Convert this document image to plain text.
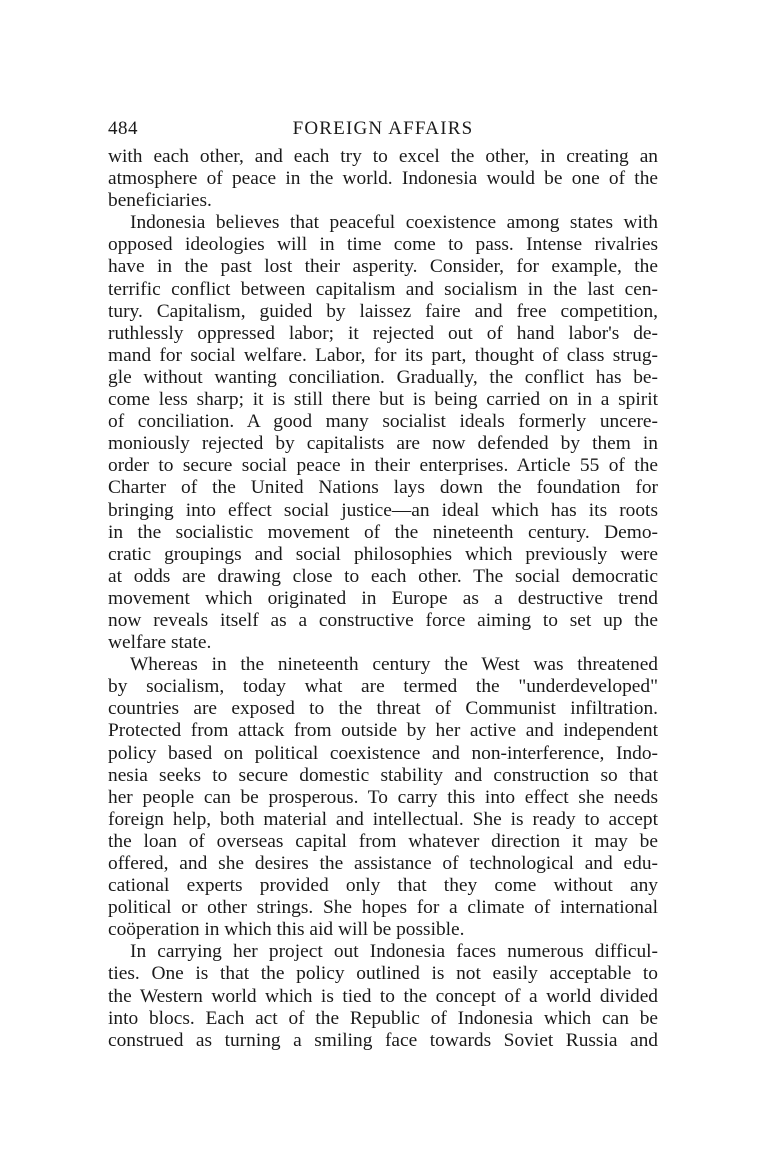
484	FOREIGN AFFAIRS

with each other, and each try to excel the other, in creating an
atmosphere of peace in the world. Indonesia would be one of the
beneficiaries.

Indonesia believes that peaceful coexistence among states with
opposed ideologies will in time come to pass. Intense rivalries
have in the past lost their asperity. Consider, for example, the
terrific conflict between capitalism and socialism in the last cen-
tury. Capitalism, guided by laissez faire and free competition,
ruthlessly oppressed labor; it rejected out of hand labor's de-
mand for social welfare. Labor, for its part, thought of class strug-
gle without wanting conciliation. Gradually, the conflict has be-
come less sharp; it is still there but is being carried on in a spirit
of conciliation. A good many socialist ideals formerly uncere-
moniously rejected by capitalists are now defended by them in
order to secure social peace in their enterprises. Article 55 of the
Charter of the United Nations lays down the foundation for
bringing into effect social justice—an ideal which has its roots
in the socialistic movement of the nineteenth century. Demo-
cratic groupings and social philosophies which previously were
at odds are drawing close to each other. The social democratic
movement which originated in Europe as a destructive trend
now reveals itself as a constructive force aiming to set up the
welfare state.

Whereas in the nineteenth century the West was threatened
by socialism, today what are termed the "underdeveloped"
countries are exposed to the threat of Communist infiltration.
Protected from attack from outside by her active and independent
policy based on political coexistence and non-interference, Indo-
nesia seeks to secure domestic stability and construction so that
her people can be prosperous. To carry this into effect she needs
foreign help, both material and intellectual. She is ready to accept
the loan of overseas capital from whatever direction it may be
offered, and she desires the assistance of technological and edu-
cational experts provided only that they come without any
political or other strings. She hopes for a climate of international
coöperation in which this aid will be possible.

In carrying her project out Indonesia faces numerous difficul-
ties. One is that the policy outlined is not easily acceptable to
the Western world which is tied to the concept of a world divided
into blocs. Each act of the Republic of Indonesia which can be
construed as turning a smiling face towards Soviet Russia and
